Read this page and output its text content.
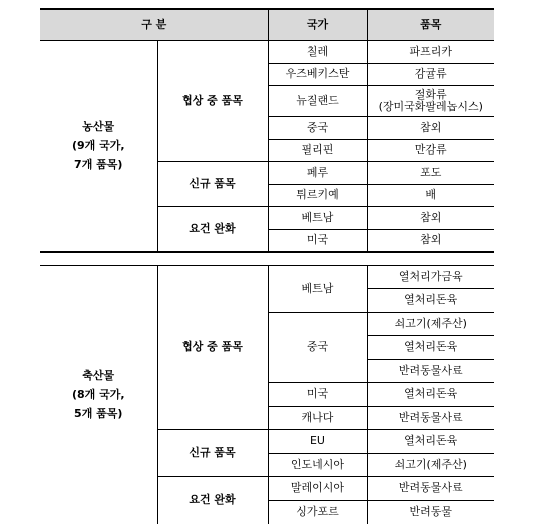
구 분		국가	품목

농산물
(9개 국가,
7개 품목)	협상 중 품목	칠레	파프리카
		우즈베키스탄	감귤류
		뉴질랜드	절화류
(장미국화팔레놉시스)

		중국	참외
		필리핀	만감류
	신규 품목	페루	포도
		튀르키예	배
	요건 완화	베트남	참외
		미국	참외

축산물
(8개 국가,
5개 품목)	협상 중 품목	베트남	열처리가금육
			열처리돈육
		중국	쇠고기(제주산)
			열처리돈육
			반려동물사료
		미국	열처리돈육
		캐나다	반려동물사료
	신규 품목	EU	열처리돈육
		인도네시아	쇠고기(제주산)
	요건 완화	말레이시아	반려동물사료
		싱가포르	반려동물
